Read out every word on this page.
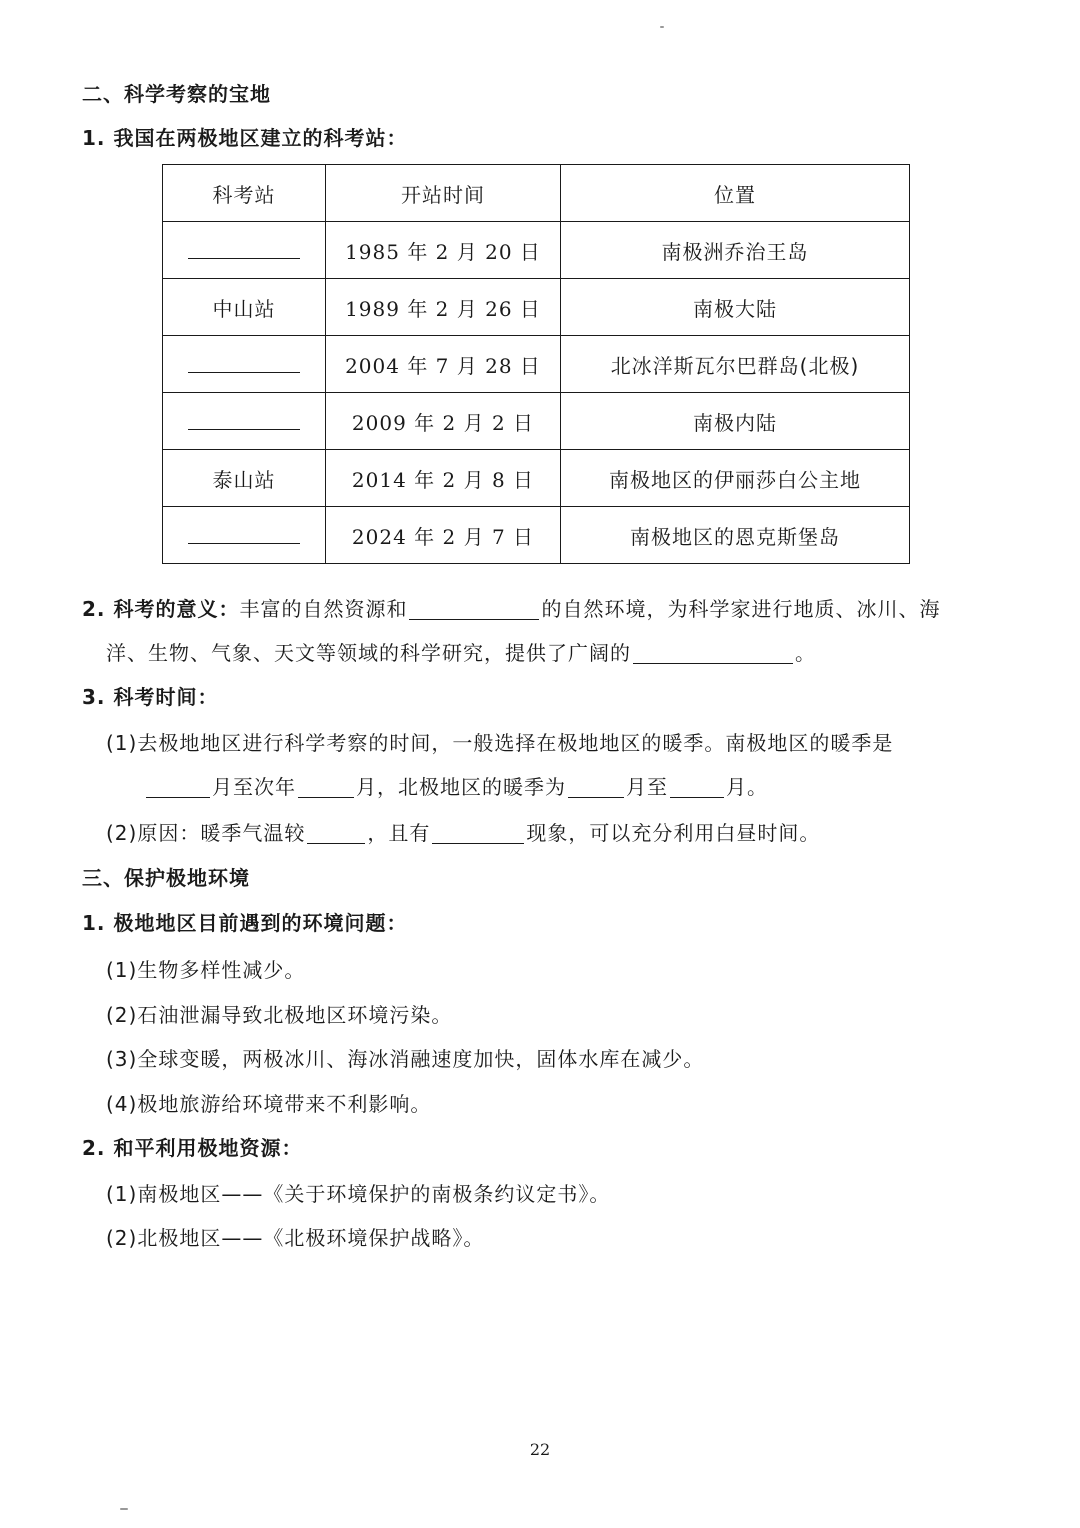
二、科学考察的宝地
1. 我国在两极地区建立的科考站：
科考站	开站时间	位置
	1985 年 2 月 20 日	南极洲乔治王岛
中山站	1989 年 2 月 26 日	南极大陆
	2004 年 7 月 28 日	北冰洋斯瓦尔巴群岛(北极)
	2009 年 2 月 2 日	南极内陆
泰山站	2014 年 2 月 8 日	南极地区的伊丽莎白公主地
	2024 年 2 月 7 日	南极地区的恩克斯堡岛
2. 科考的意义：丰富的自然资源和	的自然环境，为科学家进行地质、冰川、海
洋、生物、气象、天文等领域的科学研究，提供了广阔的	。
3. 科考时间：
(1)去极地地区进行科学考察的时间，一般选择在极地地区的暖季。南极地区的暖季是
月至次年	月，北极地区的暖季为	月至	月。
(2)原因：暖季气温较	，且有	现象，可以充分利用白昼时间。
三、保护极地环境
1. 极地地区目前遇到的环境问题：
(1)生物多样性减少。
(2)石油泄漏导致北极地区环境污染。
(3)全球变暖，两极冰川、海冰消融速度加快，固体水库在减少。
(4)极地旅游给环境带来不利影响。
2. 和平利用极地资源：
(1)南极地区——《关于环境保护的南极条约议定书》。
(2)北极地区——《北极环境保护战略》。
22
